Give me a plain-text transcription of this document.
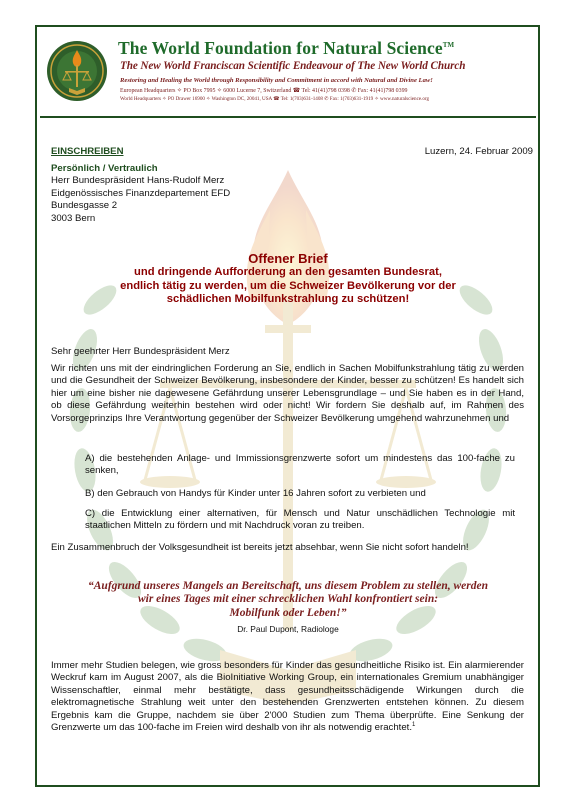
The World Foundation for Natural Science™
The New World Franciscan Scientific Endeavour of The New World Church
Restoring and Healing the World through Responsibility and Commitment in accord with Natural and Divine Law!
European Headquarters ✧ PO Box 7995 ✧ 6000 Lucerne 7, Switzerland ☎ Tel: 41(41)798 0398 ✆ Fax: 41(41)798 0399
World Headquarters ✧ PO Drawer 16900 ✧ Washington DC, 20041, USA ☎ Tel: 1(703)631-1408 ✆ Fax: 1(703)631-1919 ✧ www.naturalscience.org
EINSCHREIBEN	Luzern, 24. Februar 2009
Persönlich / Vertraulich
Herr Bundespräsident Hans-Rudolf Merz
Eidgenössisches Finanzdepartement EFD
Bundesgasse 2
3003 Bern
Offener Brief
und dringende Aufforderung an den gesamten Bundesrat,
endlich tätig zu werden, um die Schweizer Bevölkerung vor der
schädlichen Mobilfunkstrahlung zu schützen!
Sehr geehrter Herr Bundespräsident Merz
Wir richten uns mit der eindringlichen Forderung an Sie, endlich in Sachen Mobilfunkstrahlung tätig zu werden und die Gesundheit der Schweizer Bevölkerung, insbesondere der Kinder, besser zu schützen! Es handelt sich hier um eine bisher nie dagewesene Gefährdung unserer Lebensgrundlage – und Sie haben es in der Hand, ob diese Gefährdung weiterhin bestehen wird oder nicht! Wir fordern Sie deshalb auf, im Rahmen des Vorsorgeprinzips Ihre Verantwortung gegenüber der Schweizer Bevölkerung umgehend wahrzunehmen und
A) die bestehenden Anlage- und Immissionsgrenzwerte sofort um mindestens das 100-fache zu senken,
B) den Gebrauch von Handys für Kinder unter 16 Jahren sofort zu verbieten und
C) die Entwicklung einer alternativen, für Mensch und Natur unschädlichen Technologie mit staatlichen Mitteln zu fördern und mit Nachdruck voran zu treiben.
Ein Zusammenbruch der Volksgesundheit ist bereits jetzt absehbar, wenn Sie nicht sofort handeln!
“Aufgrund unseres Mangels an Bereitschaft, uns diesem Problem zu stellen, werden
wir eines Tages mit einer schrecklichen Wahl konfrontiert sein:
Mobilfunk oder Leben!”
Dr. Paul Dupont, Radiologe
Immer mehr Studien belegen, wie gross besonders für Kinder das gesundheitliche Risiko ist. Ein alarmierender Weckruf kam im August 2007, als die BioInitiative Working Group, ein internationales Gremium unabhängiger Wissenschaftler, einmal mehr bestätigte, dass gesundheitsschädigende Wirkungen durch die elektromagnetische Strahlung weit unter den bestehenden Grenzwerten entstehen können. Zu diesem Ergebnis kam die Gruppe, nachdem sie über 2'000 Studien zum Thema überprüfte. Eine Senkung der Grenzwerte um das 100-fache im Freien wird deshalb von ihr als notwendig erachtet.$^1$
